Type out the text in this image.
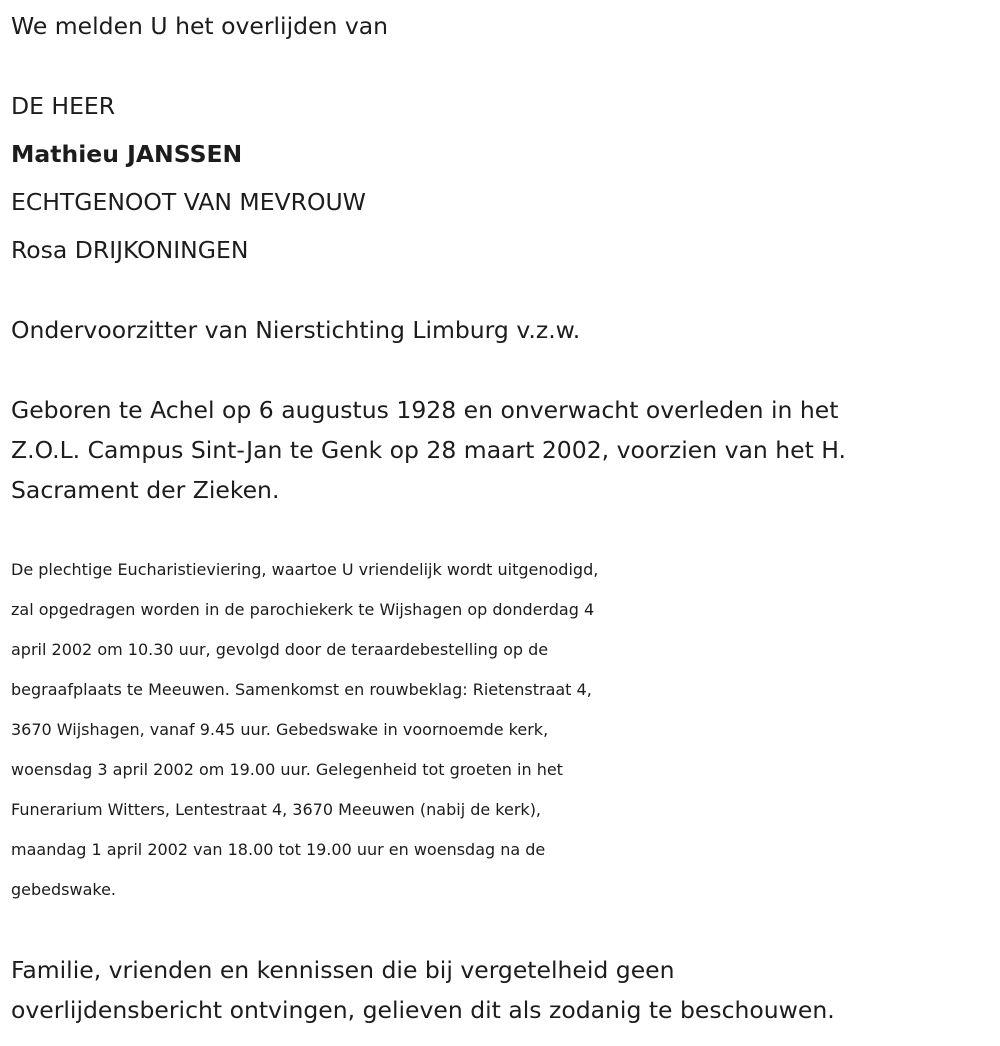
We melden U het overlijden van
DE HEER
Mathieu JANSSEN
ECHTGENOOT VAN MEVROUW
Rosa DRIJKONINGEN
Ondervoorzitter van Nierstichting Limburg v.z.w.
Geboren te Achel op 6 augustus 1928 en onverwacht overleden in het
Z.O.L. Campus Sint-Jan te Genk op 28 maart 2002, voorzien van het H.
Sacrament der Zieken.
De plechtige Eucharistieviering, waartoe U vriendelijk wordt uitgenodigd,
zal opgedragen worden in de parochiekerk te Wijshagen op donderdag 4
april 2002 om 10.30 uur, gevolgd door de teraardebestelling op de
begraafplaats te Meeuwen. Samenkomst en rouwbeklag: Rietenstraat 4,
3670 Wijshagen, vanaf 9.45 uur. Gebedswake in voornoemde kerk,
woensdag 3 april 2002 om 19.00 uur. Gelegenheid tot groeten in het
Funerarium Witters, Lentestraat 4, 3670 Meeuwen (nabij de kerk),
maandag 1 april 2002 van 18.00 tot 19.00 uur en woensdag na de
gebedswake.
Familie, vrienden en kennissen die bij vergetelheid geen
overlijdensbericht ontvingen, gelieven dit als zodanig te beschouwen.
